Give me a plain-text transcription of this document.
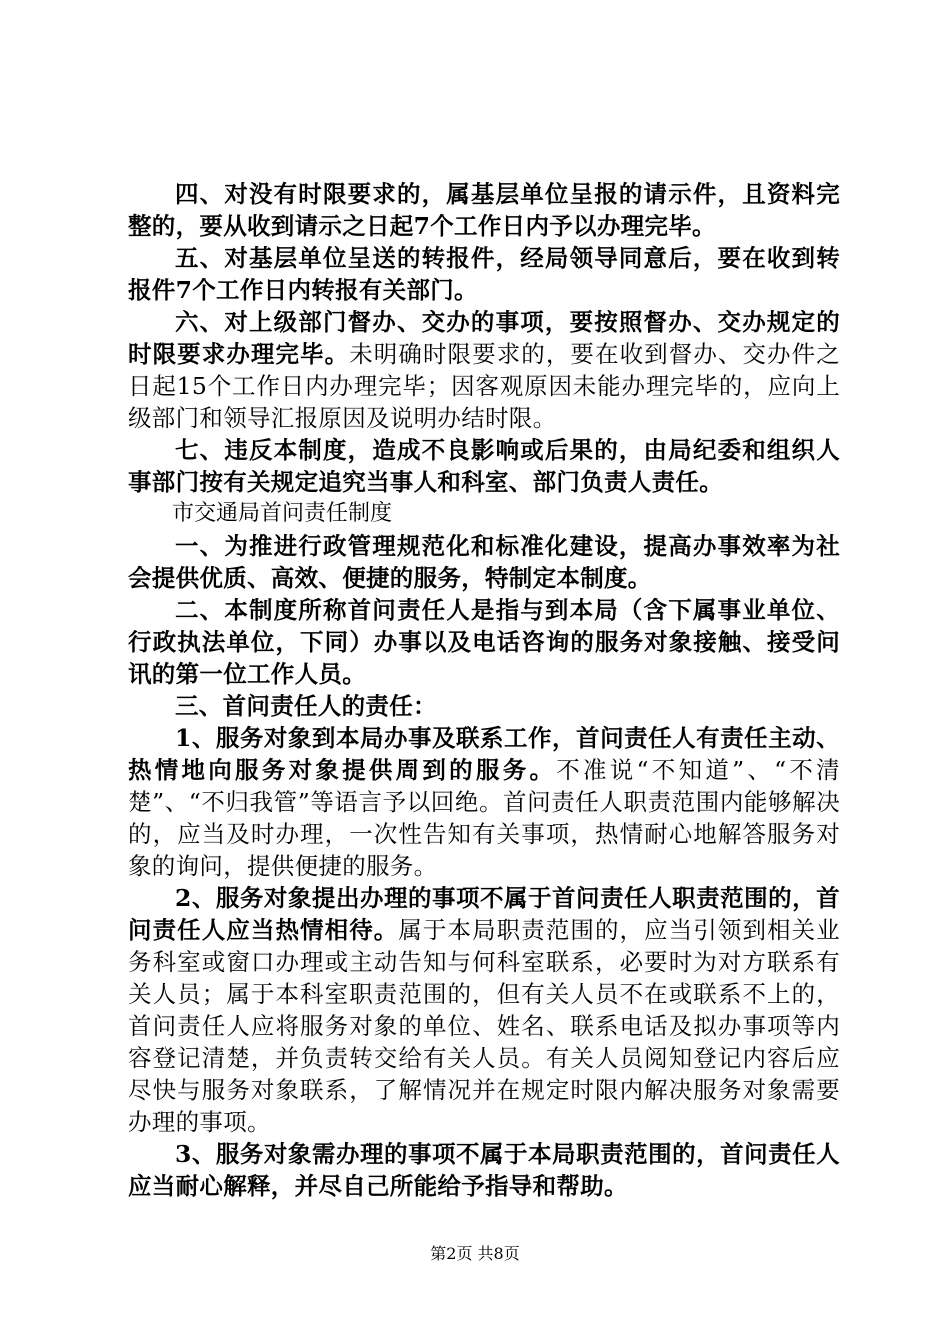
四、对没有时限要求的，属基层单位呈报的请示件，且资料完整的，要从收到请示之日起7个工作日内予以办理完毕。

五、对基层单位呈送的转报件，经局领导同意后，要在收到转报件7个工作日内转报有关部门。

六、对上级部门督办、交办的事项，要按照督办、交办规定的时限要求办理完毕。未明确时限要求的，要在收到督办、交办件之日起15个工作日内办理完毕；因客观原因未能办理完毕的，应向上级部门和领导汇报原因及说明办结时限。

七、违反本制度，造成不良影响或后果的，由局纪委和组织人事部门按有关规定追究当事人和科室、部门负责人责任。

市交通局首问责任制度

一、为推进行政管理规范化和标准化建设，提高办事效率为社会提供优质、高效、便捷的服务，特制定本制度。

二、本制度所称首问责任人是指与到本局（含下属事业单位、行政执法单位，下同）办事以及电话咨询的服务对象接触、接受问讯的第一位工作人员。

三、首问责任人的责任：

1、服务对象到本局办事及联系工作，首问责任人有责任主动、热情地向服务对象提供周到的服务。不准说“不知道”、“不清楚”、“不归我管”等语言予以回绝。首问责任人职责范围内能够解决的，应当及时办理，一次性告知有关事项，热情耐心地解答服务对象的询问，提供便捷的服务。

2、服务对象提出办理的事项不属于首问责任人职责范围的，首问责任人应当热情相待。属于本局职责范围的，应当引领到相关业务科室或窗口办理或主动告知与何科室联系，必要时为对方联系有关人员；属于本科室职责范围的，但有关人员不在或联系不上的，首问责任人应将服务对象的单位、姓名、联系电话及拟办事项等内容登记清楚，并负责转交给有关人员。有关人员阅知登记内容后应尽快与服务对象联系，了解情况并在规定时限内解决服务对象需要办理的事项。

3、服务对象需办理的事项不属于本局职责范围的，首问责任人应当耐心解释，并尽自己所能给予指导和帮助。

第2页 共8页
